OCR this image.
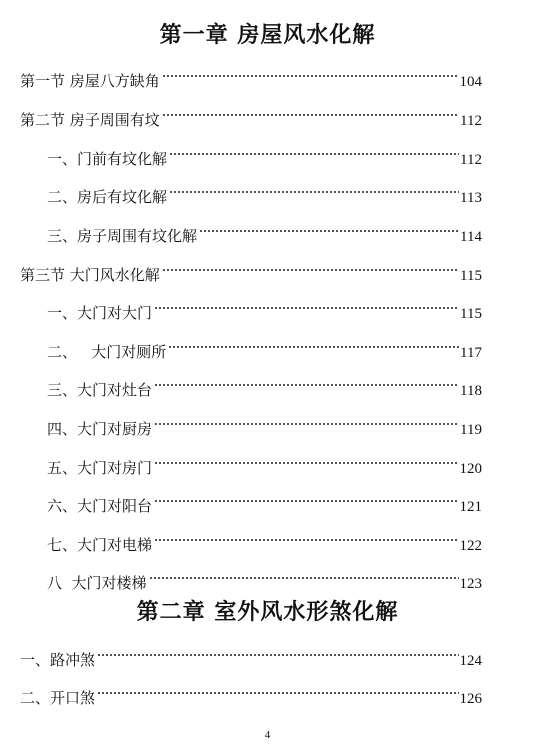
第一章 房屋风水化解
第一节 房屋八方缺角	104
第二节 房子周围有坟	112
一、门前有坟化解	112
二、房后有坟化解	113
三、房子周围有坟化解	114
第三节 大门风水化解	115
一、大门对大门	115
二、   大门对厕所	117
三、大门对灶台	118
四、大门对厨房	119
五、大门对房门	120
六、大门对阳台	121
七、大门对电梯	122
八  大门对楼梯	123
第二章 室外风水形煞化解
一、路冲煞	124
二、开口煞	126
4
